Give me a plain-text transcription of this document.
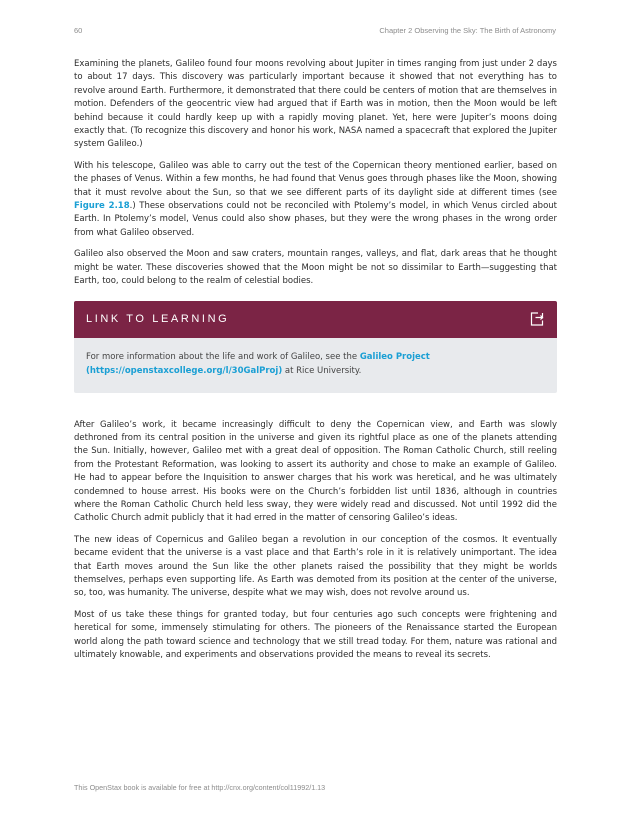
60	Chapter 2 Observing the Sky: The Birth of Astronomy

Examining the planets, Galileo found four moons revolving about Jupiter in times ranging from just under 2 days to about 17 days. This discovery was particularly important because it showed that not everything has to revolve around Earth. Furthermore, it demonstrated that there could be centers of motion that are themselves in motion. Defenders of the geocentric view had argued that if Earth was in motion, then the Moon would be left behind because it could hardly keep up with a rapidly moving planet. Yet, here were Jupiter’s moons doing exactly that. (To recognize this discovery and honor his work, NASA named a spacecraft that explored the Jupiter system Galileo.)

With his telescope, Galileo was able to carry out the test of the Copernican theory mentioned earlier, based on the phases of Venus. Within a few months, he had found that Venus goes through phases like the Moon, showing that it must revolve about the Sun, so that we see different parts of its daylight side at different times (see Figure 2.18.) These observations could not be reconciled with Ptolemy’s model, in which Venus circled about Earth. In Ptolemy’s model, Venus could also show phases, but they were the wrong phases in the wrong order from what Galileo observed.

Galileo also observed the Moon and saw craters, mountain ranges, valleys, and flat, dark areas that he thought might be water. These discoveries showed that the Moon might be not so dissimilar to Earth—suggesting that Earth, too, could belong to the realm of celestial bodies.

LINK TO LEARNING

For more information about the life and work of Galileo, see the Galileo Project (https://openstaxcollege.org/l/30GalProj) at Rice University.

After Galileo’s work, it became increasingly difficult to deny the Copernican view, and Earth was slowly dethroned from its central position in the universe and given its rightful place as one of the planets attending the Sun. Initially, however, Galileo met with a great deal of opposition. The Roman Catholic Church, still reeling from the Protestant Reformation, was looking to assert its authority and chose to make an example of Galileo. He had to appear before the Inquisition to answer charges that his work was heretical, and he was ultimately condemned to house arrest. His books were on the Church’s forbidden list until 1836, although in countries where the Roman Catholic Church held less sway, they were widely read and discussed. Not until 1992 did the Catholic Church admit publicly that it had erred in the matter of censoring Galileo’s ideas.

The new ideas of Copernicus and Galileo began a revolution in our conception of the cosmos. It eventually became evident that the universe is a vast place and that Earth’s role in it is relatively unimportant. The idea that Earth moves around the Sun like the other planets raised the possibility that they might be worlds themselves, perhaps even supporting life. As Earth was demoted from its position at the center of the universe, so, too, was humanity. The universe, despite what we may wish, does not revolve around us.

Most of us take these things for granted today, but four centuries ago such concepts were frightening and heretical for some, immensely stimulating for others. The pioneers of the Renaissance started the European world along the path toward science and technology that we still tread today. For them, nature was rational and ultimately knowable, and experiments and observations provided the means to reveal its secrets.

This OpenStax book is available for free at http://cnx.org/content/col11992/1.13
